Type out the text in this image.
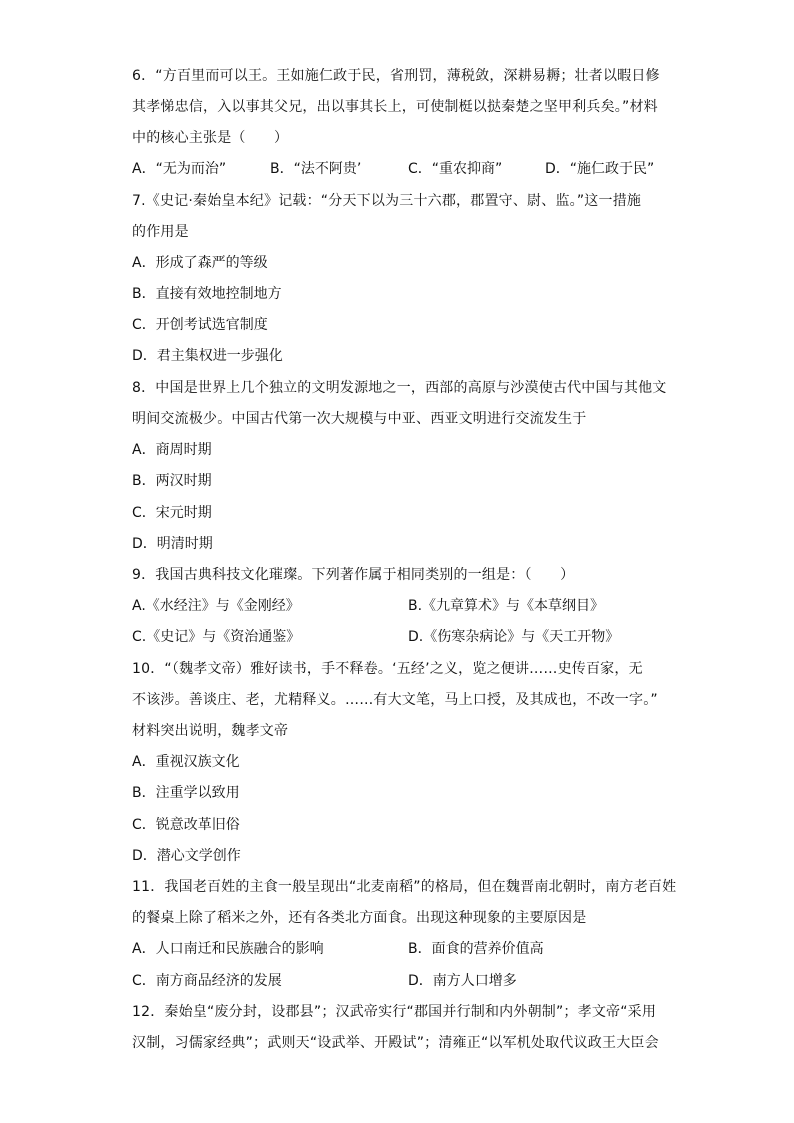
6．“方百里而可以王。王如施仁政于民，省刑罚，薄税敛，深耕易耨；壮者以暇日修
其孝悌忠信，入以事其父兄，出以事其长上，可使制梃以挞秦楚之坚甲利兵矣。”材料
中的核心主张是（　　）
A．“无为而治”	B．“法不阿贵’	C．“重农抑商”	D．“施仁政于民”
7.《史记·秦始皇本纪》记载：“分天下以为三十六郡，郡置守、尉、监。”这一措施
的作用是
A．形成了森严的等级
B．直接有效地控制地方
C．开创考试选官制度
D．君主集权进一步强化
8．中国是世界上几个独立的文明发源地之一，西部的高原与沙漠使古代中国与其他文
明间交流极少。中国古代第一次大规模与中亚、西亚文明进行交流发生于
A．商周时期
B．两汉时期
C．宋元时期
D．明清时期
9．我国古典科技文化璀璨。下列著作属于相同类别的一组是：（　　）
A.《水经注》与《金刚经》	B.《九章算术》与《本草纲目》
C.《史记》与《资治通鉴》	D.《伤寒杂病论》与《天工开物》
10．“（魏孝文帝）雅好读书，手不释卷。‘五经’之义，览之便讲……史传百家，无
不该涉。善谈庄、老，尤精释义。……有大文笔，马上口授，及其成也，不改一字。”
材料突出说明，魏孝文帝
A．重视汉族文化
B．注重学以致用
C．锐意改革旧俗
D．潜心文学创作
11．我国老百姓的主食一般呈现出“北麦南稻”的格局，但在魏晋南北朝时，南方老百姓
的餐桌上除了稻米之外，还有各类北方面食。出现这种现象的主要原因是
A．人口南迁和民族融合的影响	B．面食的营养价值高
C．南方商品经济的发展	D．南方人口增多
12．秦始皇“废分封，设郡县”；汉武帝实行“郡国并行制和内外朝制”；孝文帝“采用
汉制，习儒家经典”；武则天“设武举、开殿试”；清雍正“以军机处取代议政王大臣会
